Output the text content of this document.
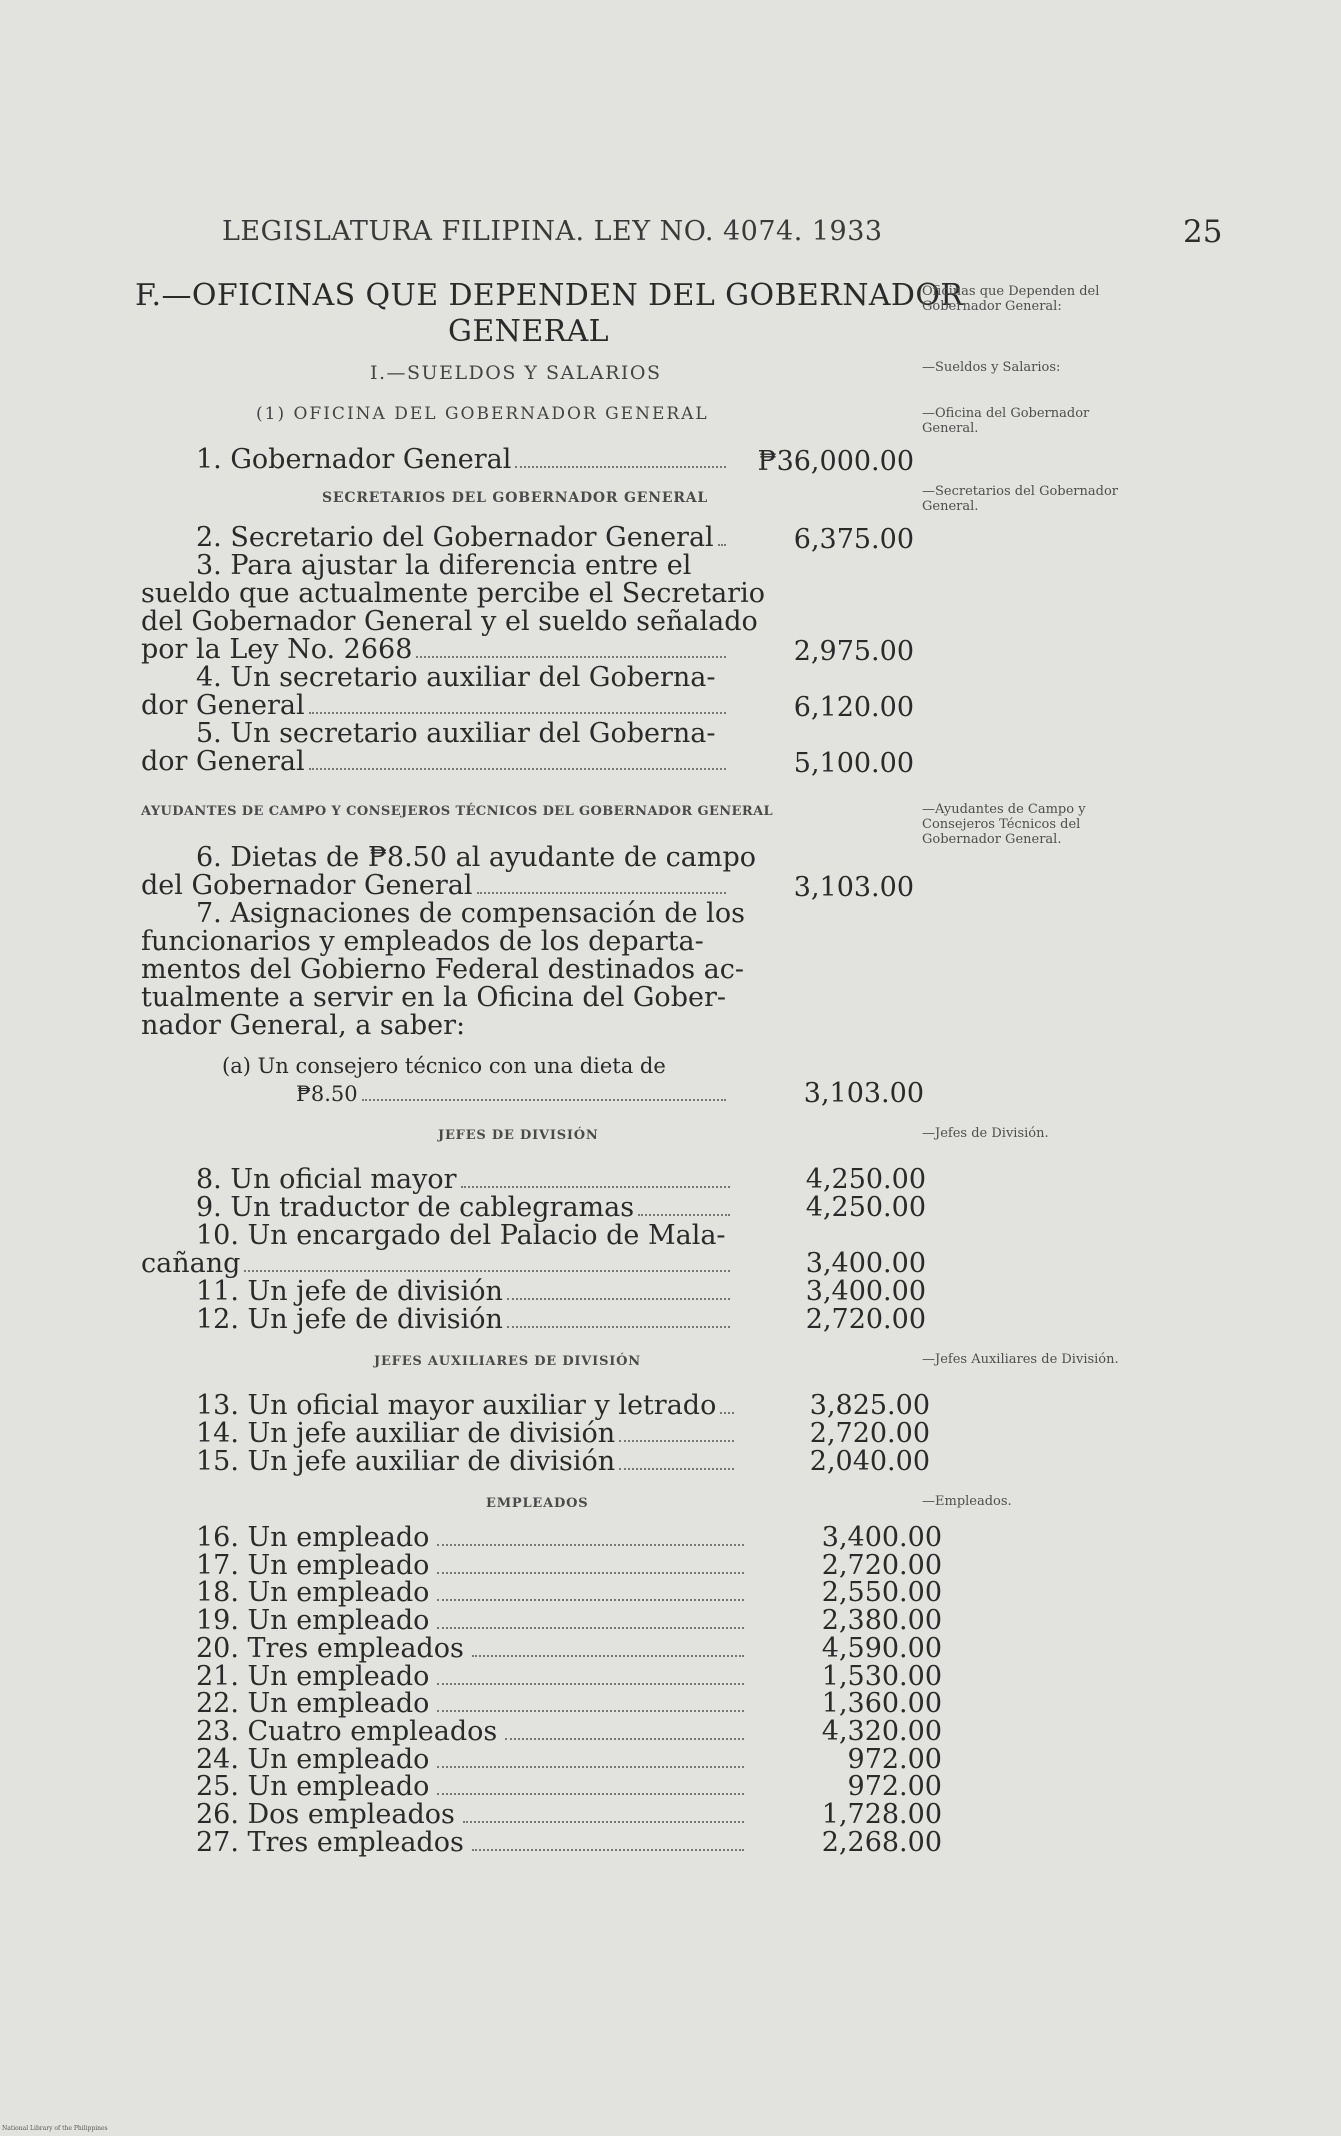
LEGISLATURA FILIPINA. LEY NO. 4074. 1933	25
F.—OFICINAS QUE DEPENDEN DEL GOBERNADOR
GENERAL
Oficinas que Dependen del Gobernador General:
—Sueldos y Salarios:
—Oficina del Gobernador General.
—Secretarios del Gobernador General.
—Ayudantes de Campo y Consejeros Técnicos del Gobernador General.
—Jefes de División.
—Jefes Auxiliares de División.
—Empleados.
I.—SUELDOS Y SALARIOS
(1) OFICINA DEL GOBERNADOR GENERAL
1. Gobernador General	₱36,000.00
SECRETARIOS DEL GOBERNADOR GENERAL
2. Secretario del Gobernador General	6,375.00
3. Para ajustar la diferencia entre el
sueldo que actualmente percibe el Secretario
del Gobernador General y el sueldo señalado
por la Ley No. 2668	2,975.00
4. Un secretario auxiliar del Goberna-
dor General	6,120.00
5. Un secretario auxiliar del Goberna-
dor General	5,100.00
AYUDANTES DE CAMPO Y CONSEJEROS TÉCNICOS DEL GOBERNADOR GENERAL
6. Dietas de ₱8.50 al ayudante de campo
del Gobernador General	3,103.00
7. Asignaciones de compensación de los
funcionarios y empleados de los departa-
mentos del Gobierno Federal destinados ac-
tualmente a servir en la Oficina del Gober-
nador General, a saber:
(a) Un consejero técnico con una dieta de
₱8.50	3,103.00
JEFES DE DIVISIÓN
8. Un oficial mayor	4,250.00
9. Un traductor de cablegramas	4,250.00
10. Un encargado del Palacio de Mala-
cañang	3,400.00
11. Un jefe de división	3,400.00
12. Un jefe de división	2,720.00
JEFES AUXILIARES DE DIVISIÓN
13. Un oficial mayor auxiliar y letrado	3,825.00
14. Un jefe auxiliar de división	2,720.00
15. Un jefe auxiliar de división	2,040.00
EMPLEADOS
16. Un empleado	3,400.00
17. Un empleado	2,720.00
18. Un empleado	2,550.00
19. Un empleado	2,380.00
20. Tres empleados	4,590.00
21. Un empleado	1,530.00
22. Un empleado	1,360.00
23. Cuatro empleados	4,320.00
24. Un empleado	972.00
25. Un empleado	972.00
26. Dos empleados	1,728.00
27. Tres empleados	2,268.00
National Library of the Philippines
